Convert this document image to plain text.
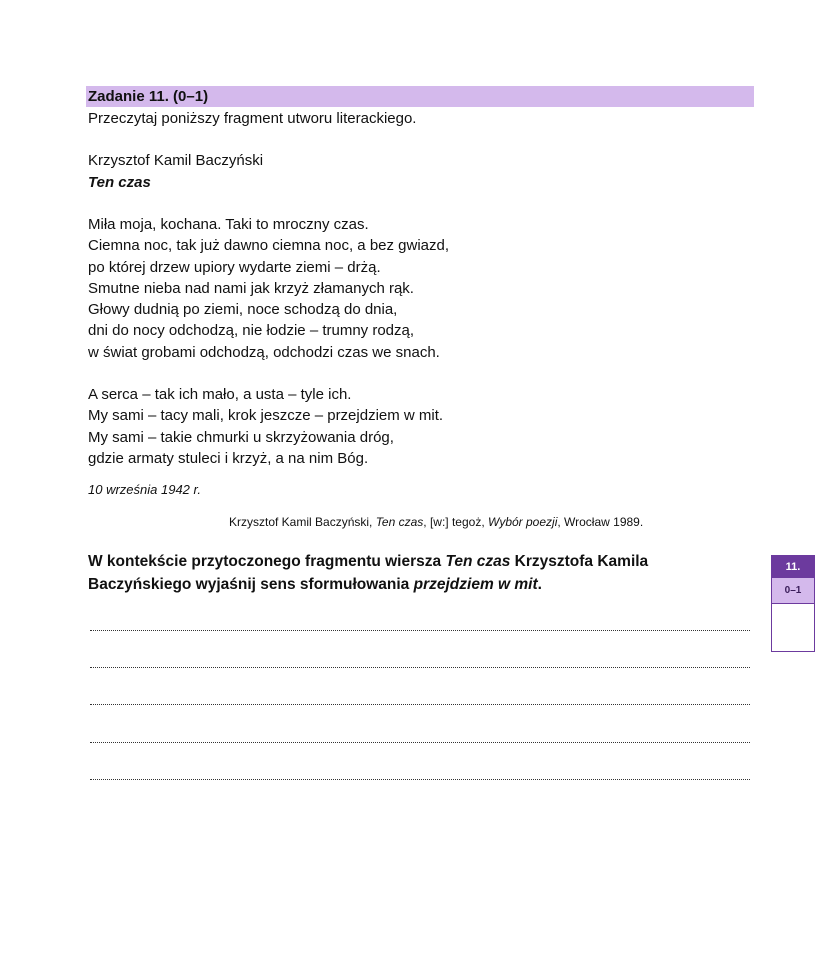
Zadanie 11. (0–1)
Przeczytaj poniższy fragment utworu literackiego.
Krzysztof Kamil Baczyński
Ten czas
Miła moja, kochana. Taki to mroczny czas.
Ciemna noc, tak już dawno ciemna noc, a bez gwiazd,
po której drzew upiory wydarte ziemi – drżą.
Smutne nieba nad nami jak krzyż złamanych rąk.
Głowy dudnią po ziemi, noce schodzą do dnia,
dni do nocy odchodzą, nie łodzie – trumny rodzą,
w świat grobami odchodzą, odchodzi czas we snach.
A serca – tak ich mało, a usta – tyle ich.
My sami – tacy mali, krok jeszcze – przejdziem w mit.
My sami – takie chmurki u skrzyżowania dróg,
gdzie armaty stuleci i krzyż, a na nim Bóg.
10 września 1942 r.
Krzysztof Kamil Baczyński, Ten czas, [w:] tegoż, Wybór poezji, Wrocław 1989.
W kontekście przytoczonego fragmentu wiersza Ten czas Krzysztofa Kamila Baczyńskiego wyjaśnij sens sformułowania przejdziem w mit.
11.
0–1
